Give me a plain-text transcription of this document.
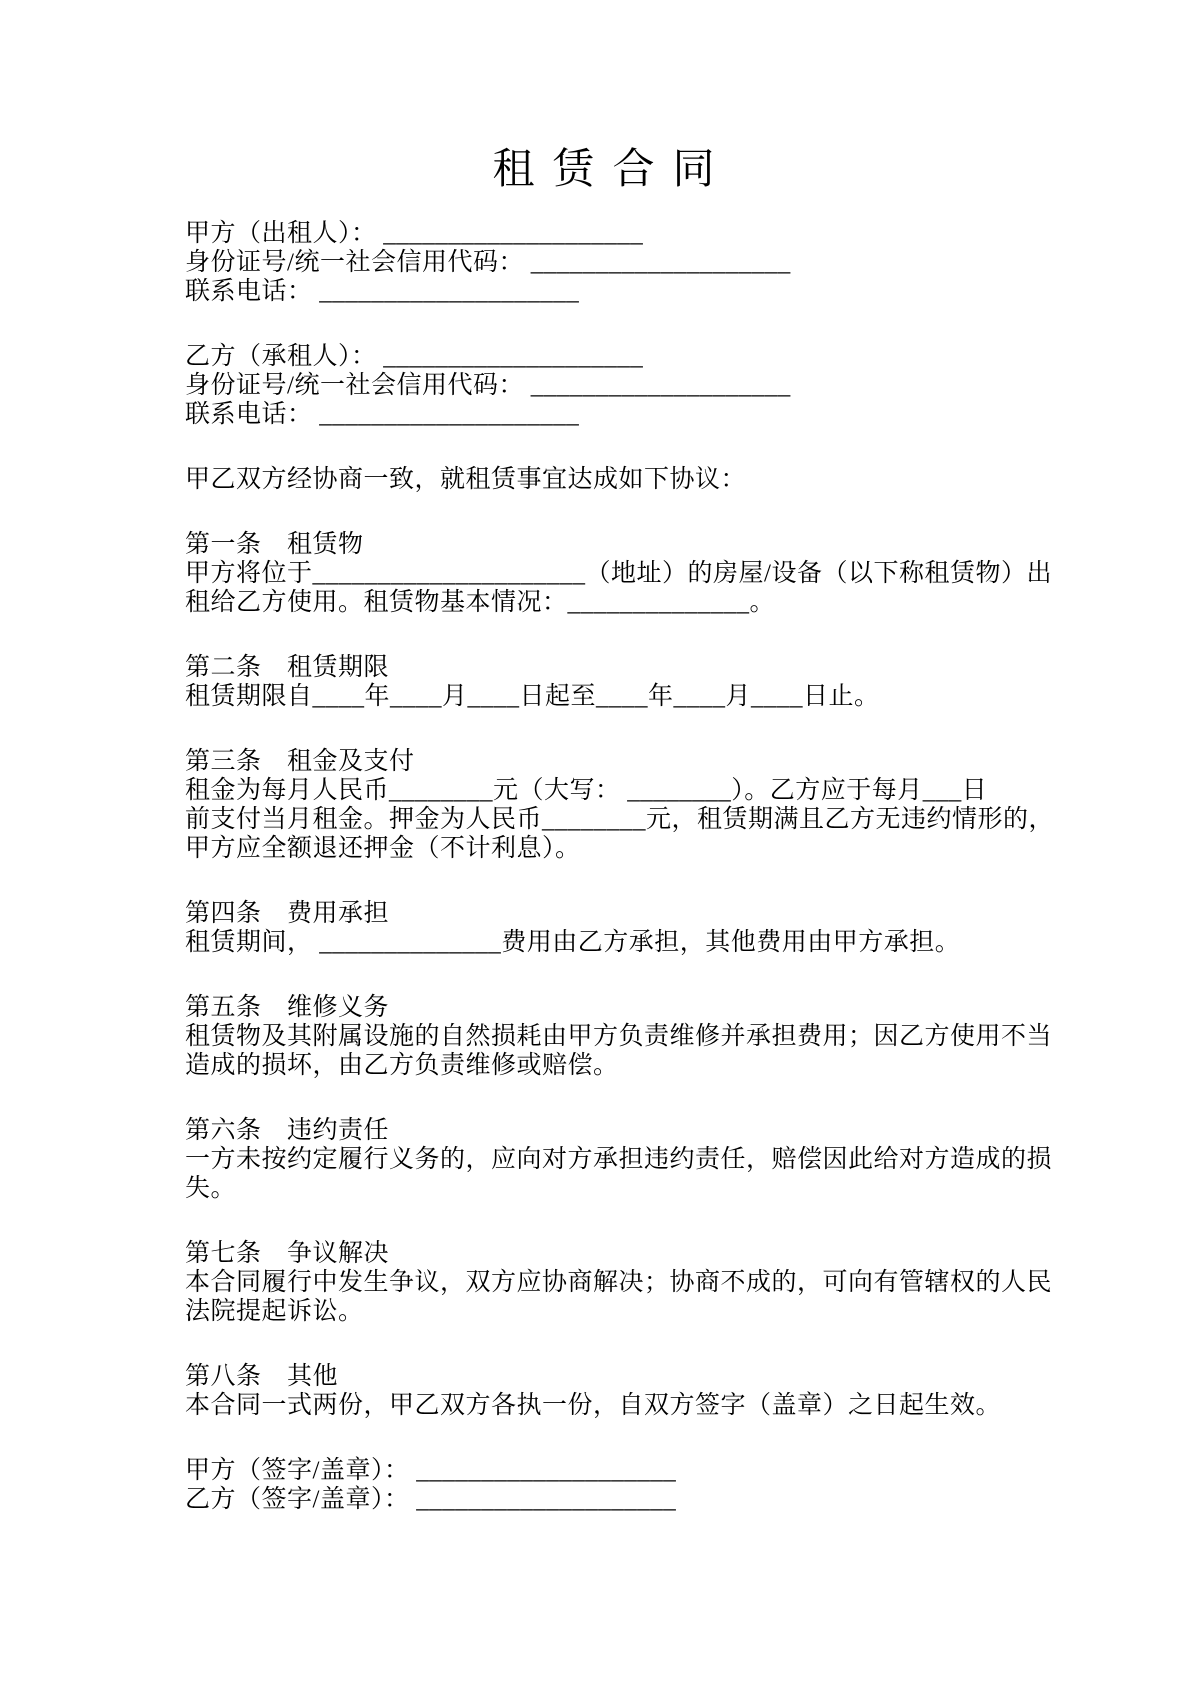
租赁合同
甲方（出租人）： ____________________
身份证号/统一社会信用代码： ____________________
联系电话： ____________________
乙方（承租人）： ____________________
身份证号/统一社会信用代码： ____________________
联系电话： ____________________
甲乙双方经协商一致，就租赁事宜达成如下协议：
第一条　租赁物
甲方将位于_____________________（地址）的房屋/设备（以下称租赁物）出
租给乙方使用。租赁物基本情况：______________。
第二条　租赁期限
租赁期限自____年____月____日起至____年____月____日止。
第三条　租金及支付
租金为每月人民币________元（大写： ________）。乙方应于每月___日
前支付当月租金。押金为人民币________元，租赁期满且乙方无违约情形的，
甲方应全额退还押金（不计利息）。
第四条　费用承担
租赁期间， ______________费用由乙方承担，其他费用由甲方承担。
第五条　维修义务
租赁物及其附属设施的自然损耗由甲方负责维修并承担费用；因乙方使用不当
造成的损坏，由乙方负责维修或赔偿。
第六条　违约责任
一方未按约定履行义务的，应向对方承担违约责任，赔偿因此给对方造成的损
失。
第七条　争议解决
本合同履行中发生争议，双方应协商解决；协商不成的，可向有管辖权的人民
法院提起诉讼。
第八条　其他
本合同一式两份，甲乙双方各执一份，自双方签字（盖章）之日起生效。
甲方（签字/盖章）： ____________________
乙方（签字/盖章）： ____________________
